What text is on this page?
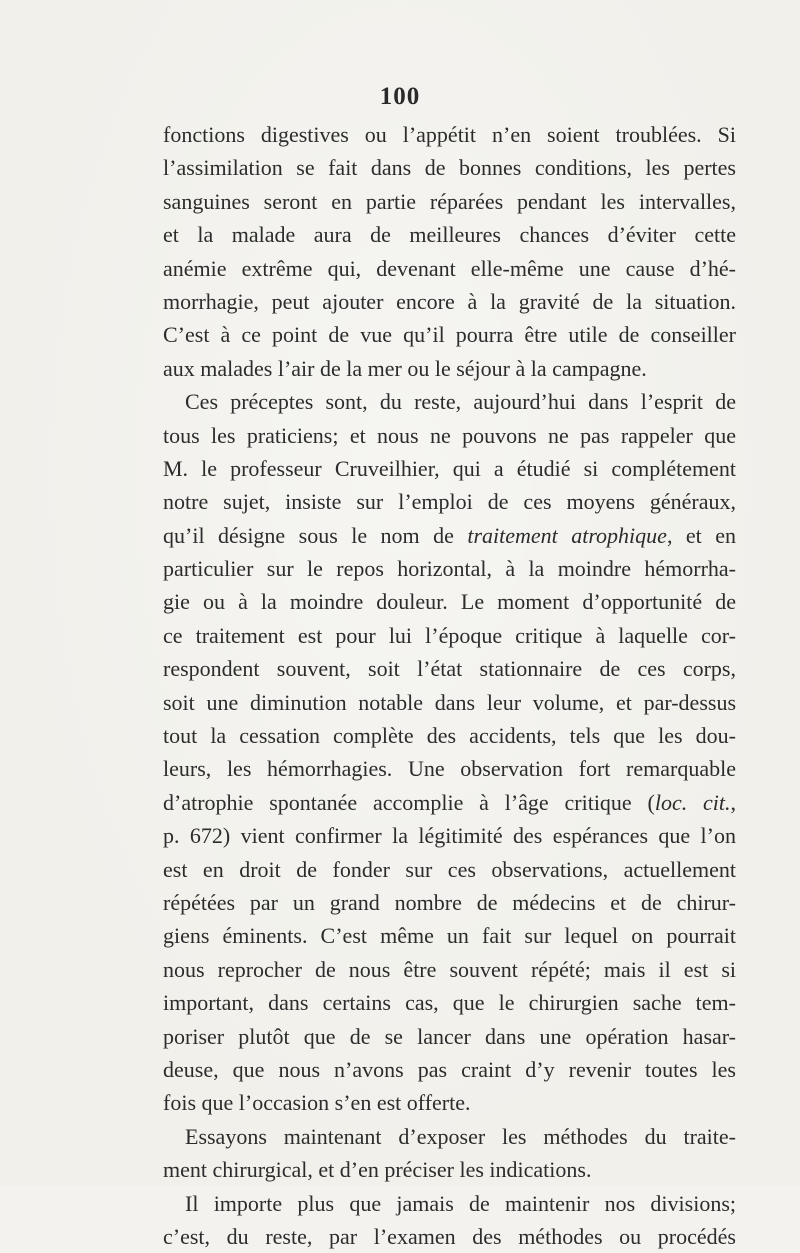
100
fonctions digestives ou l’appétit n’en soient troublées. Si
l’assimilation se fait dans de bonnes conditions, les pertes
sanguines seront en partie réparées pendant les intervalles,
et la malade aura de meilleures chances d’éviter cette
anémie extrême qui, devenant elle-même une cause d’hé-
morrhagie, peut ajouter encore à la gravité de la situation.
C’est à ce point de vue qu’il pourra être utile de conseiller
aux malades l’air de la mer ou le séjour à la campagne.
Ces préceptes sont, du reste, aujourd’hui dans l’esprit de
tous les praticiens; et nous ne pouvons ne pas rappeler que
M. le professeur Cruveilhier, qui a étudié si complétement
notre sujet, insiste sur l’emploi de ces moyens généraux,
qu’il désigne sous le nom de traitement atrophique, et en
particulier sur le repos horizontal, à la moindre hémorrha-
gie ou à la moindre douleur. Le moment d’opportunité de
ce traitement est pour lui l’époque critique à laquelle cor-
respondent souvent, soit l’état stationnaire de ces corps,
soit une diminution notable dans leur volume, et par-dessus
tout la cessation complète des accidents, tels que les dou-
leurs, les hémorrhagies. Une observation fort remarquable
d’atrophie spontanée accomplie à l’âge critique (loc. cit.,
p. 672) vient confirmer la légitimité des espérances que l’on
est en droit de fonder sur ces observations, actuellement
répétées par un grand nombre de médecins et de chirur-
giens éminents. C’est même un fait sur lequel on pourrait
nous reprocher de nous être souvent répété; mais il est si
important, dans certains cas, que le chirurgien sache tem-
poriser plutôt que de se lancer dans une opération hasar-
deuse, que nous n’avons pas craint d’y revenir toutes les
fois que l’occasion s’en est offerte.
Essayons maintenant d’exposer les méthodes du traite-
ment chirurgical, et d’en préciser les indications.
Il importe plus que jamais de maintenir nos divisions;
c’est, du reste, par l’examen des méthodes ou procédés
